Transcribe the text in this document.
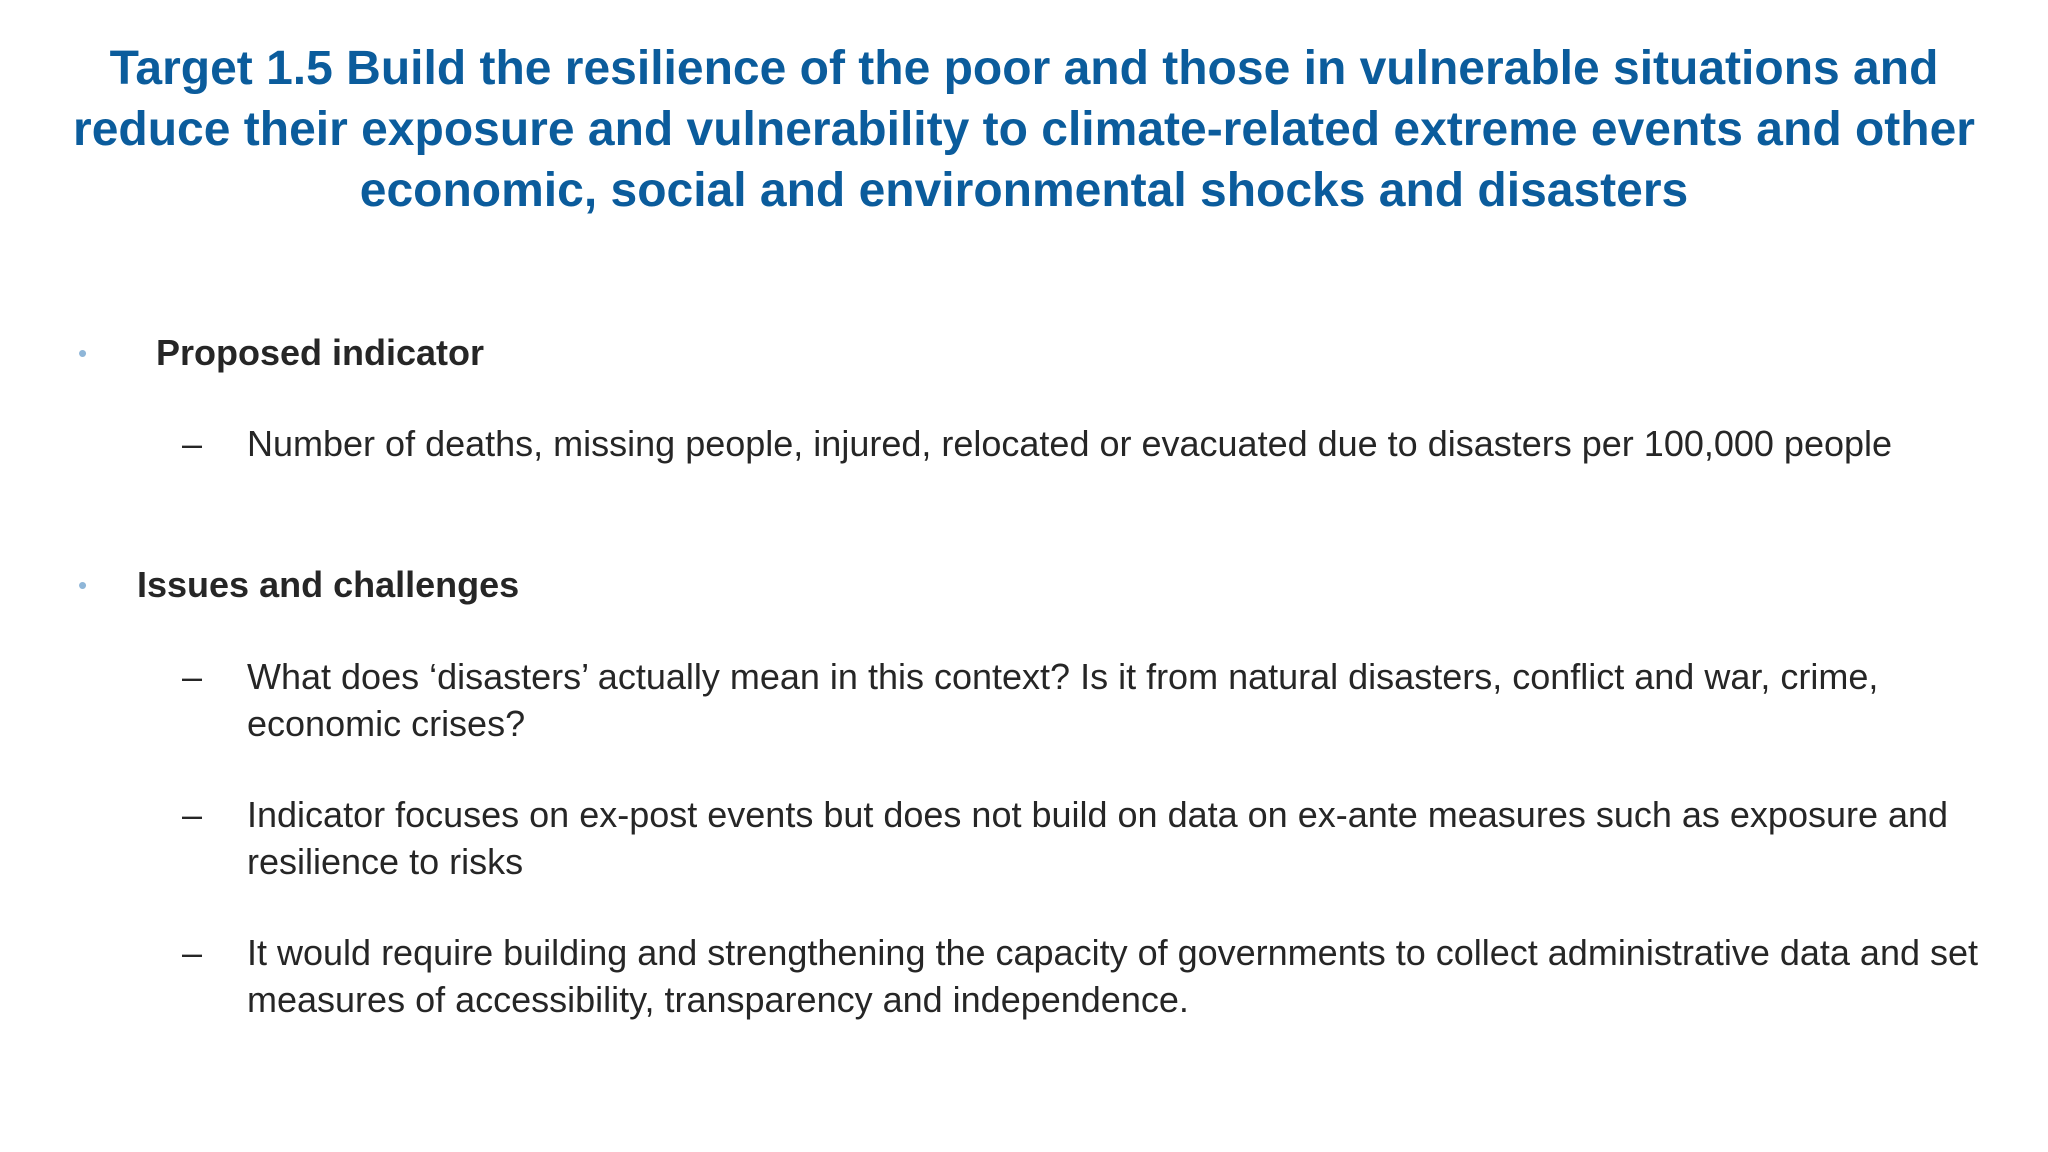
Target 1.5 Build the resilience of the poor and those in vulnerable situations and reduce their exposure and vulnerability to climate-related extreme events and other economic, social and environmental shocks and disasters
• Proposed indicator
– Number of deaths, missing people, injured, relocated or evacuated due to disasters per 100,000 people
• Issues and challenges
– What does ‘disasters’ actually mean in this context? Is it from natural disasters, conflict and war, crime, economic crises?
– Indicator focuses on ex-post events but does not build on data on ex-ante measures such as exposure and resilience to risks
– It would require building and strengthening the capacity of governments to collect administrative data and set measures of accessibility, transparency and independence.
